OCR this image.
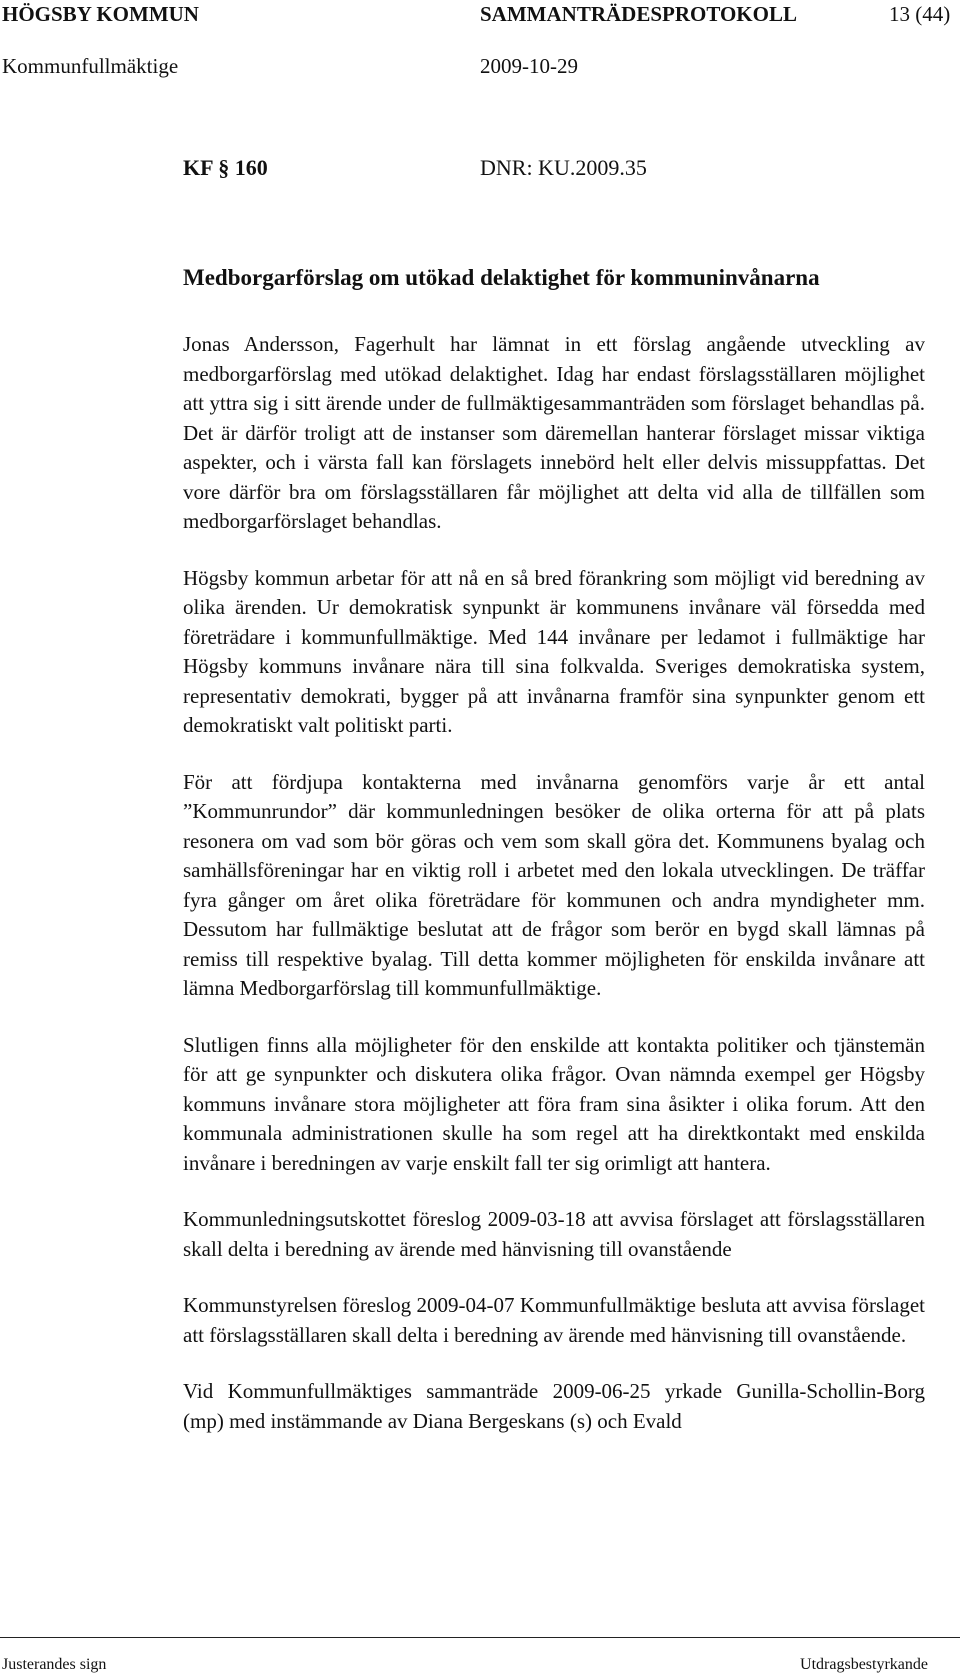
HÖGSBY KOMMUN	SAMMANTRÄDESPROTOKOLL	13 (44)
Kommunfullmäktige	2009-10-29
KF § 160	DNR: KU.2009.35
Medborgarförslag om utökad delaktighet för kommuninvånarna

Jonas Andersson, Fagerhult har lämnat in ett förslag angående utveckling av medborgarförslag med utökad delaktighet. Idag har endast förslagsställaren möjlighet att yttra sig i sitt ärende under de fullmäktigesammanträden som förslaget behandlas på. Det är därför troligt att de instanser som däremellan hanterar förslaget missar viktiga aspekter, och i värsta fall kan förslagets innebörd helt eller delvis missuppfattas. Det vore därför bra om förslagsställaren får möjlighet att delta vid alla de tillfällen som medborgarförslaget behandlas.

Högsby kommun arbetar för att nå en så bred förankring som möjligt vid beredning av olika ärenden. Ur demokratisk synpunkt är kommunens invånare väl försedda med företrädare i kommunfullmäktige. Med 144 invånare per ledamot i fullmäktige har Högsby kommuns invånare nära till sina folkvalda. Sveriges demokratiska system, representativ demokrati, bygger på att invånarna framför sina synpunkter genom ett demokratiskt valt politiskt parti.

För att fördjupa kontakterna med invånarna genomförs varje år ett antal ”Kommunrundor” där kommunledningen besöker de olika orterna för att på plats resonera om vad som bör göras och vem som skall göra det. Kommunens byalag och samhällsföreningar har en viktig roll i arbetet med den lokala utvecklingen. De träffar fyra gånger om året olika företrädare för kommunen och andra myndigheter mm. Dessutom har fullmäktige beslutat att de frågor som berör en bygd skall lämnas på remiss till respektive byalag. Till detta kommer möjligheten för enskilda invånare att lämna Medborgarförslag till kommunfullmäktige.

Slutligen finns alla möjligheter för den enskilde att kontakta politiker och tjänstemän för att ge synpunkter och diskutera olika frågor. Ovan nämnda exempel ger Högsby kommuns invånare stora möjligheter att föra fram sina åsikter i olika forum. Att den kommunala administrationen skulle ha som regel att ha direktkontakt med enskilda invånare i beredningen av varje enskilt fall ter sig orimligt att hantera.

Kommunledningsutskottet föreslog 2009-03-18 att avvisa förslaget att förslagsställaren skall delta i beredning av ärende med hänvisning till ovanstående

Kommunstyrelsen föreslog 2009-04-07 Kommunfullmäktige besluta att avvisa förslaget att förslagsställaren skall delta i beredning av ärende med hänvisning till ovanstående.

Vid Kommunfullmäktiges sammanträde 2009-06-25 yrkade Gunilla-Schollin-Borg (mp) med instämmande av Diana Bergeskans (s) och Evald

Justerandes sign	Utdragsbestyrkande
